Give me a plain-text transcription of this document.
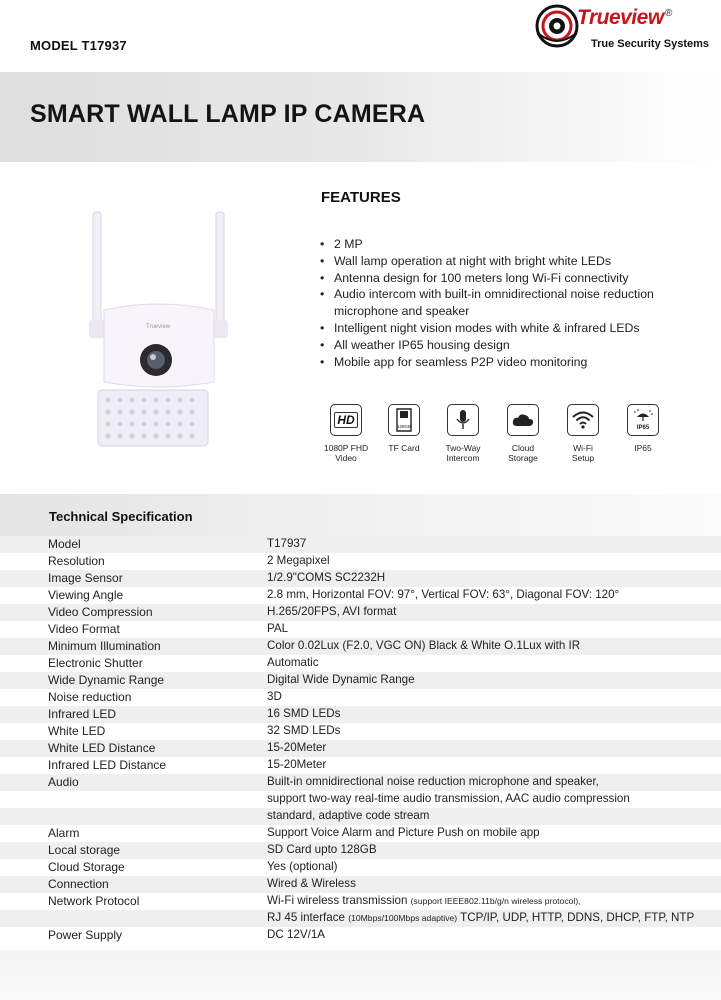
MODEL T17937
Trueview ®
True Security Systems
SMART WALL LAMP IP CAMERA
Trueview
FEATURES
• 2 MP
• Wall lamp operation at night with bright white LEDs
• Antenna design for 100 meters long Wi-Fi connectivity
• Audio intercom with built-in omnidirectional noise reduction microphone and speaker
• Intelligent night vision modes with white & infrared LEDs
• All weather IP65 housing design
• Mobile app for seamless P2P video monitoring
HD
1080P FHD
Video
128GB
TF Card	Two-Way
Intercom
Cloud
Storage
Wi-Fi
Setup
IP65
IP65

Technical Specification
Model	T17937
Resolution	2 Megapixel
Image Sensor	1/2.9"COMS SC2232H
Viewing Angle	2.8 mm, Horizontal FOV: 97°, Vertical FOV: 63°, Diagonal FOV: 120°
Video Compression	H.265/20FPS, AVI format
Video Format	PAL
Minimum Illumination	Color 0.02Lux (F2.0, VGC ON) Black & White O.1Lux with IR
Electronic Shutter	Automatic
Wide Dynamic Range	Digital Wide Dynamic Range
Noise reduction	3D
Infrared LED	16 SMD LEDs
White LED	32 SMD LEDs
White LED Distance	15-20Meter
Infrared LED Distance	15-20Meter
Audio	Built-in omnidirectional noise reduction microphone and speaker,
support two-way real-time audio transmission, AAC audio compression
standard, adaptive code stream
Alarm	Support Voice Alarm and Picture Push on mobile app
Local storage	SD Card upto 128GB
Cloud Storage	Yes (optional)
Connection	Wired & Wireless
Network Protocol	Wi-Fi wireless transmission (support IEEE802.11b/g/n wireless protocol),
RJ 45 interface (10Mbps/100Mbps adaptive) TCP/IP, UDP, HTTP, DDNS, DHCP, FTP, NTP
Power Supply	DC 12V/1A
